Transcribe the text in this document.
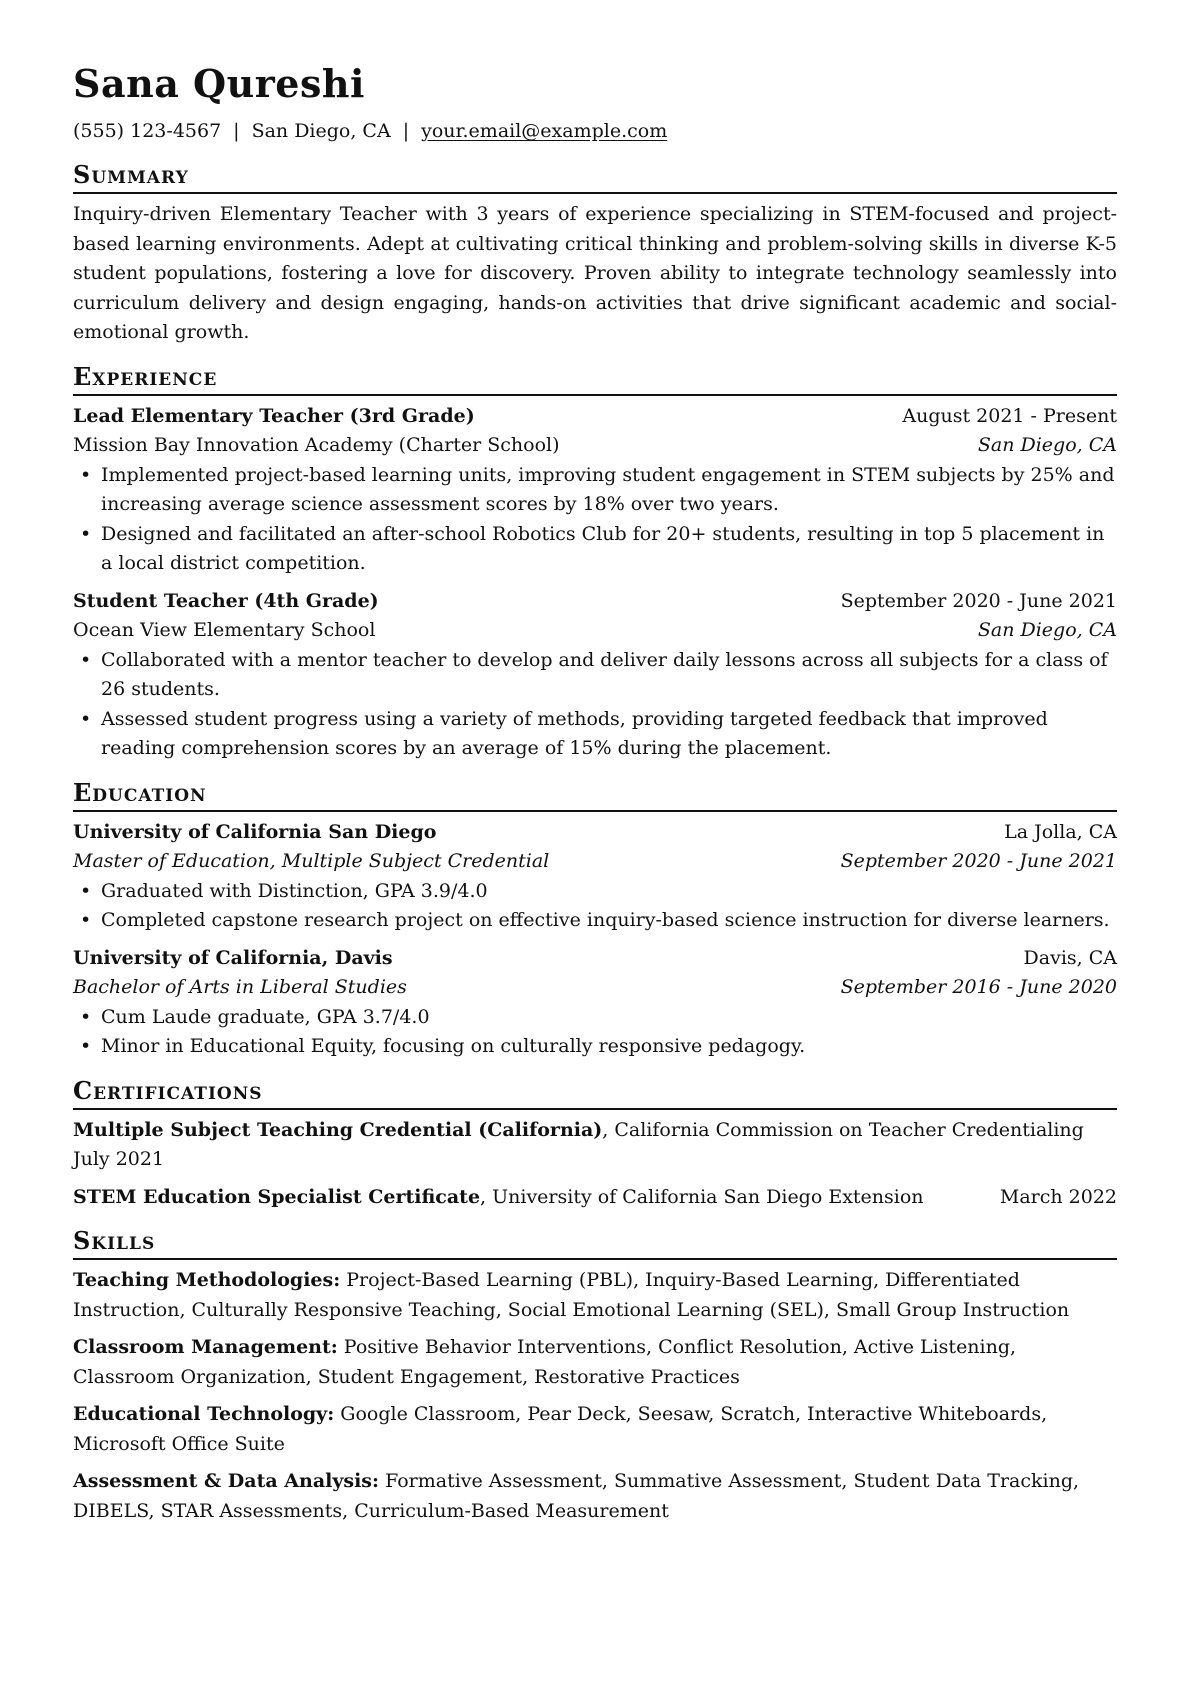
Sana Qureshi
(555) 123-4567 | San Diego, CA | your.email@example.com
Summary

Inquiry-driven Elementary Teacher with 3 years of experience specializing in STEM-focused and project-based learning environments. Adept at cultivating critical thinking and problem-solving skills in diverse K-5 student populations, fostering a love for discovery. Proven ability to integrate technology seamlessly into curriculum delivery and design engaging, hands-on activities that drive significant academic and social-emotional growth.

Experience
Lead Elementary Teacher (3rd Grade)	August 2021 - Present
Mission Bay Innovation Academy (Charter School)	San Diego, CA
• Implemented project-based learning units, improving student engagement in STEM subjects by 25% and increasing average science assessment scores by 18% over two years.
• Designed and facilitated an after-school Robotics Club for 20+ students, resulting in top 5 placement in a local district competition.
Student Teacher (4th Grade)	September 2020 - June 2021
Ocean View Elementary School	San Diego, CA
• Collaborated with a mentor teacher to develop and deliver daily lessons across all subjects for a class of 26 students.
• Assessed student progress using a variety of methods, providing targeted feedback that improved reading comprehension scores by an average of 15% during the placement.
Education
University of California San Diego	La Jolla, CA
Master of Education, Multiple Subject Credential	September 2020 - June 2021
• Graduated with Distinction, GPA 3.9/4.0
• Completed capstone research project on effective inquiry-based science instruction for diverse learners.
University of California, Davis	Davis, CA
Bachelor of Arts in Liberal Studies	September 2016 - June 2020
• Cum Laude graduate, GPA 3.7/4.0
• Minor in Educational Equity, focusing on culturally responsive pedagogy.
Certifications
Multiple Subject Teaching Credential (California), California Commission on Teacher Credentialing
July 2021
STEM Education Specialist Certificate, University of California San Diego Extension	March 2022
Skills
Teaching Methodologies: Project-Based Learning (PBL), Inquiry-Based Learning, Differentiated Instruction, Culturally Responsive Teaching, Social Emotional Learning (SEL), Small Group Instruction
Classroom Management: Positive Behavior Interventions, Conflict Resolution, Active Listening, Classroom Organization, Student Engagement, Restorative Practices
Educational Technology: Google Classroom, Pear Deck, Seesaw, Scratch, Interactive Whiteboards, Microsoft Office Suite
Assessment & Data Analysis: Formative Assessment, Summative Assessment, Student Data Tracking, DIBELS, STAR Assessments, Curriculum-Based Measurement
